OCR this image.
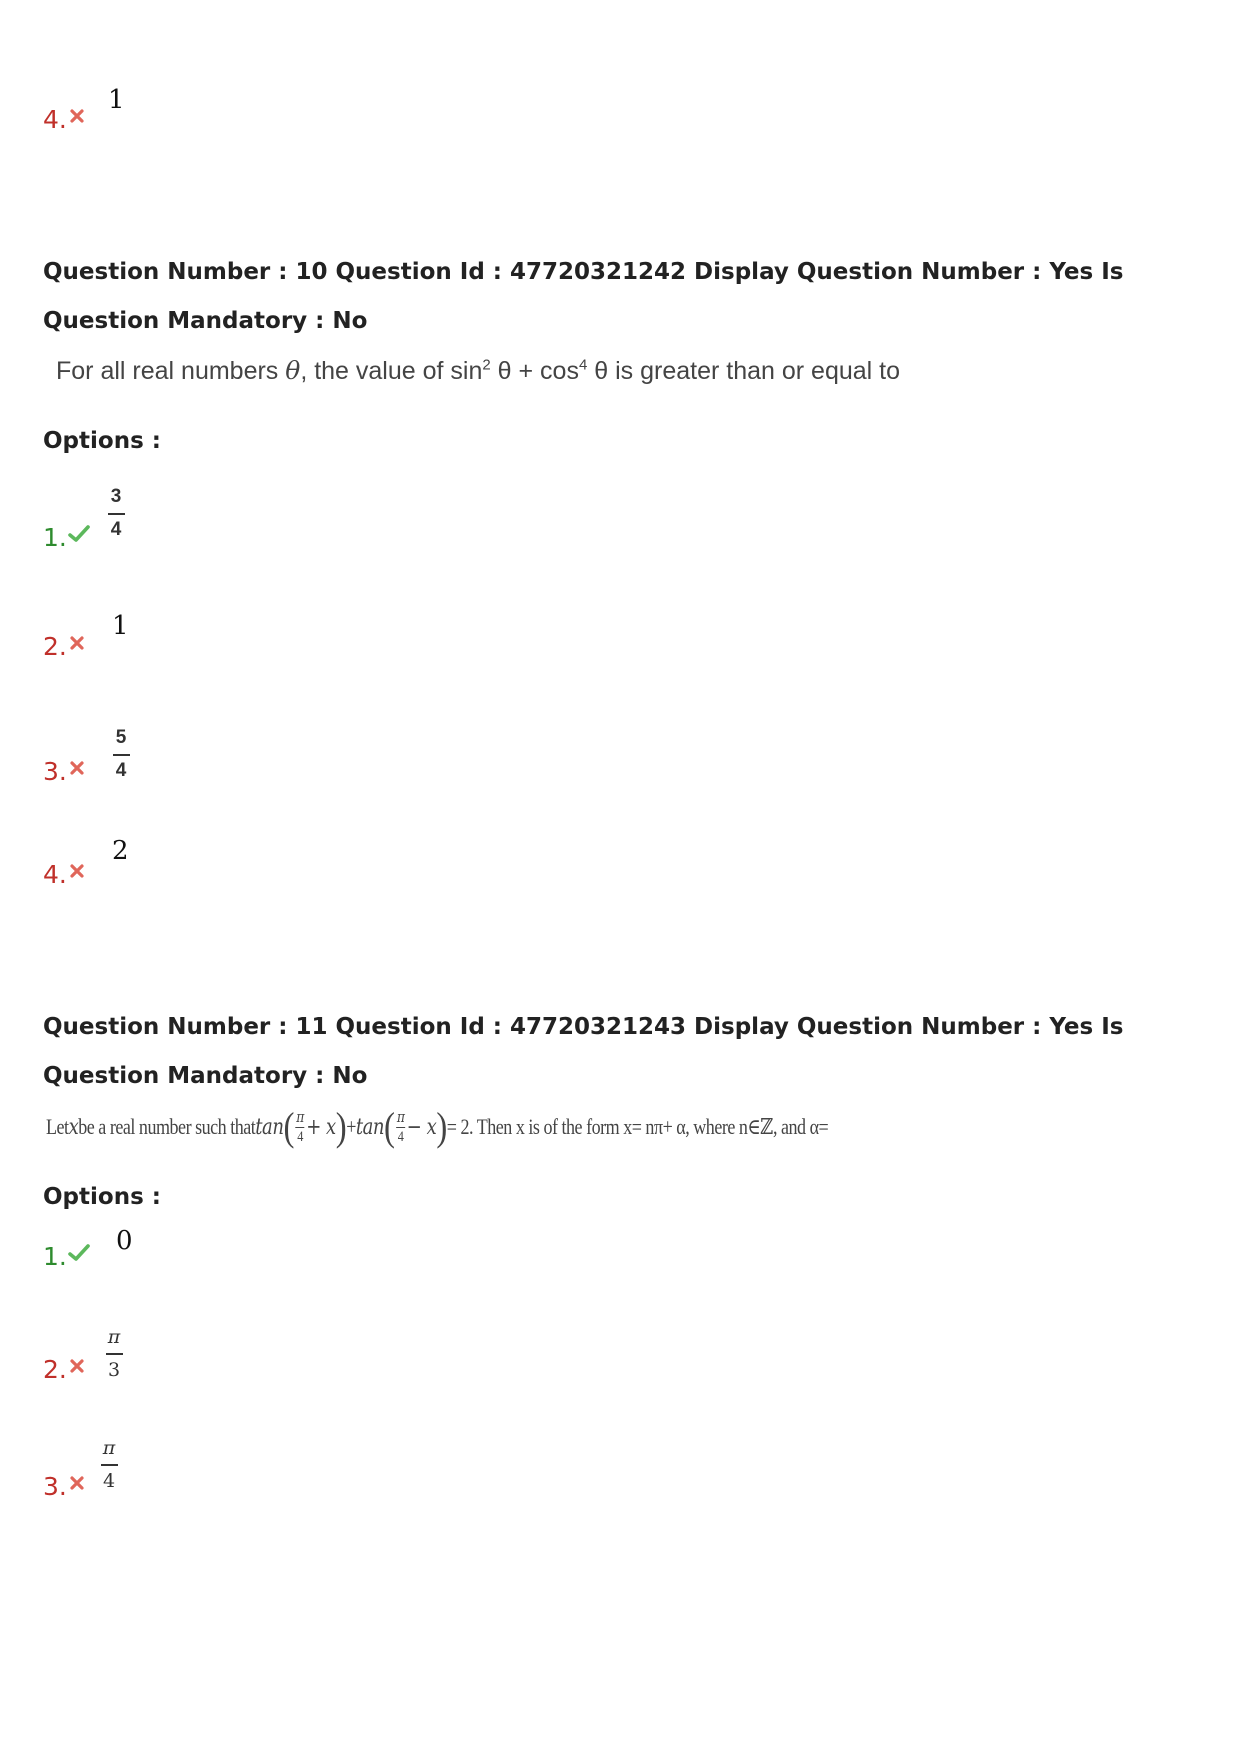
4.
1
Question Number : 10 Question Id : 47720321242 Display Question Number : Yes Is Question Mandatory : No
For all real numbers θ, the value of $\sin^2 \theta + \cos^4 \theta$ is greater than or equal to
Options :
1.
3
4
2.
1
3.
5
4
4.
2
Question Number : 11 Question Id : 47720321243 Display Question Number : Yes Is Question Mandatory : No
Let x be a real number such that tan ( $\frac{\pi}{4} + x$ ) + tan ( $\frac{\pi}{4} - x$ ) = 2. Then x is of the form x= nπ+ α, where n∈ℤ, and α=
Options :
1.
0
2.
π
3
3.
π
4
